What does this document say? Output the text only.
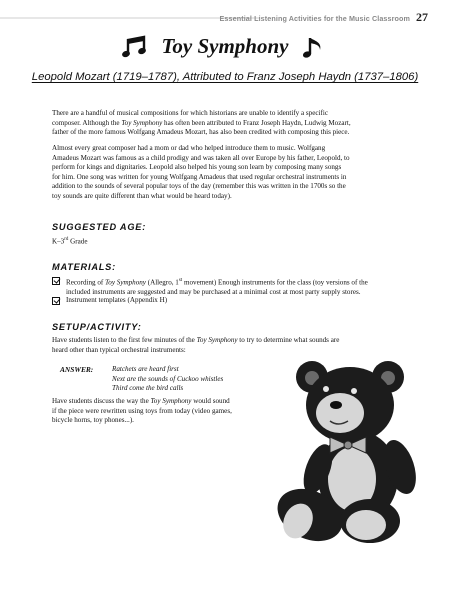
Essential Listening Activities for the Music Classroom 27
Toy Symphony
Leopold Mozart (1719–1787), Attributed to Franz Joseph Haydn (1737–1806)
There are a handful of musical compositions for which historians are unable to identify a specific
composer. Although the Toy Symphony has often been attributed to Franz Joseph Haydn, Ludwig Mozart,
father of the more famous Wolfgang Amadeus Mozart, has also been credited with composing this piece.
Almost every great composer had a mom or dad who helped introduce them to music. Wolfgang
Amadeus Mozart was famous as a child prodigy and was taken all over Europe by his father, Leopold, to
perform for kings and dignitaries. Leopold also helped his young son learn by composing many songs
for him. One song was written for young Wolfgang Amadeus that used regular orchestral instruments in
addition to the sounds of several popular toys of the day (remember this was written in the 1700s so the
toy sounds are quite different than what would be heard today).
SUGGESTED AGE:
K–3rd Grade
MATERIALS:
Recording of Toy Symphony (Allegro, 1st movement) Enough instruments for the class (toy versions of the
included instruments are suggested and may be purchased at a minimal cost at most party supply stores.
Instrument templates (Appendix H)
SETUP/ACTIVITY:
Have students listen to the first few minutes of the Toy Symphony to try to determine what sounds are
heard other than typical orchestral instruments:
ANSWER:	Ratchets are heard first
Next are the sounds of Cuckoo whistles
Third come the bird calls
Have students discuss the way the Toy Symphony would sound
if the piece were rewritten using toys from today (video games,
bicycle horns, toy phones...).
